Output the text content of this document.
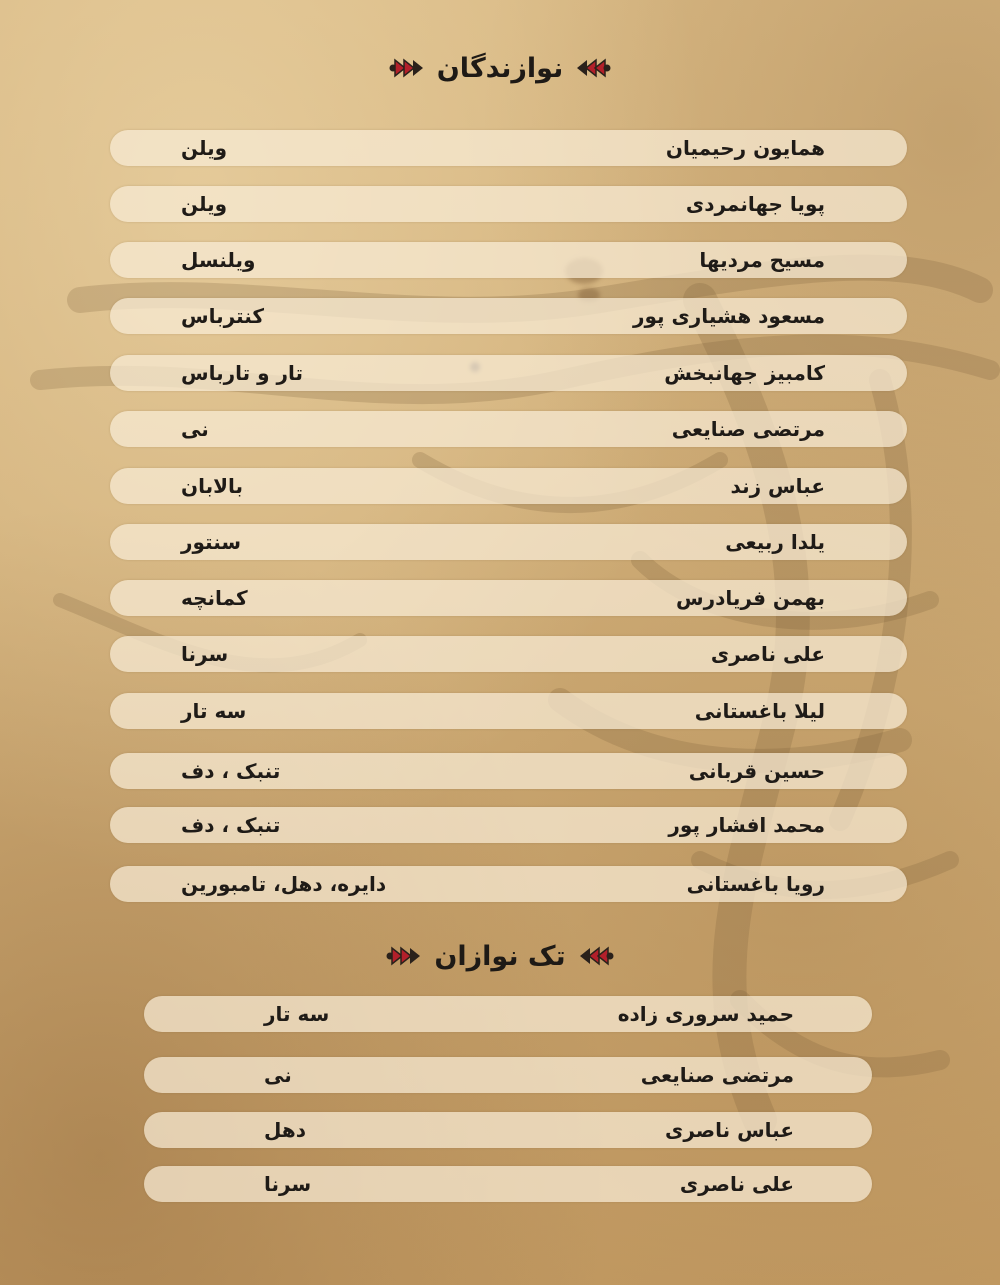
نوازندگان
همایون رحیمیان
ویلن
پویا جهانمردی
ویلن
مسیح مردیها
ویلنسل
مسعود هشیاری پور
کنترباس
کامبیز جهانبخش
تار و تارباس
مرتضی صنایعی
نی
عباس زند
بالابان
یلدا ربیعی
سنتور
بهمن فریادرس
کمانچه
علی ناصری
سرنا
لیلا باغستانی
سه تار
حسین قربانی
تنبک ، دف
محمد افشار پور
تنبک ، دف
رویا باغستانی
دایره، دهل، تامبورین
تک نوازان
حمید سروری زاده
سه تار
مرتضی صنایعی
نی
عباس ناصری
دهل
علی ناصری
سرنا
